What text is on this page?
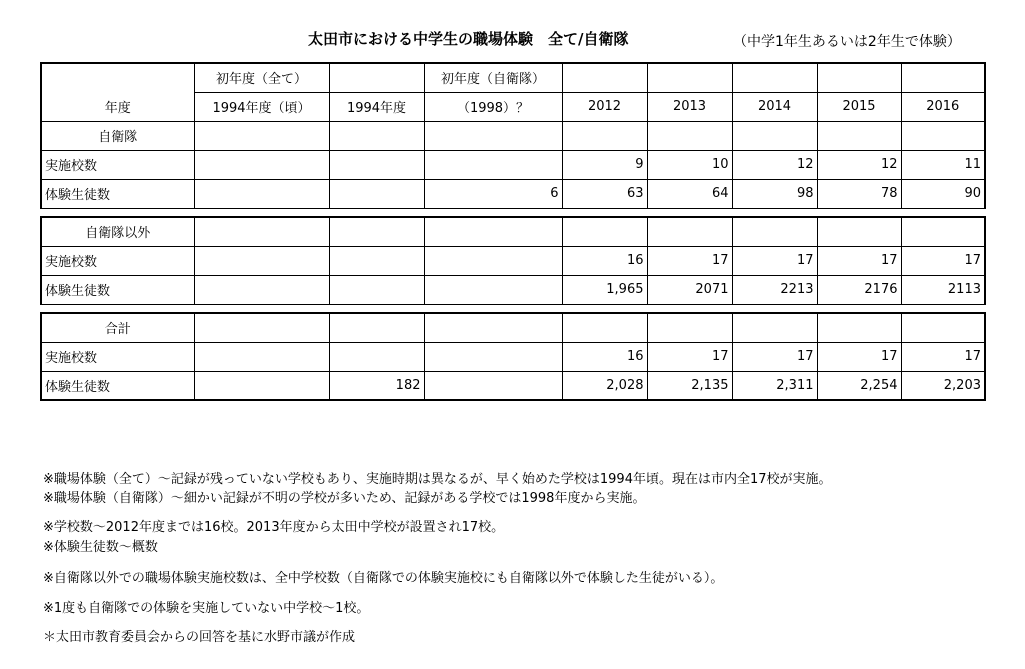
太田市における中学生の職場体験　全て/自衛隊	（中学1年生あるいは2年生で体験）
	初年度（全て）		初年度（自衛隊）					
年度	1994年度（頃）	1994年度	（1998）？	2012	2013	2014	2015	2016
自衛隊								
実施校数				9	10	12	12	11
体験生徒数			6	63	64	98	78	90

自衛隊以外								
実施校数				16	17	17	17	17
体験生徒数				1,965	2071	2213	2176	2113

合計								
実施校数				16	17	17	17	17
体験生徒数		182		2,028	2,135	2,311	2,254	2,203
※職場体験（全て）～記録が残っていない学校もあり、実施時期は異なるが、早く始めた学校は1994年頃。現在は市内全17校が実施。
※職場体験（自衛隊）～細かい記録が不明の学校が多いため、記録がある学校では1998年度から実施。
※学校数～2012年度までは16校。2013年度から太田中学校が設置され17校。
※体験生徒数～概数
※自衛隊以外での職場体験実施校数は、全中学校数（自衛隊での体験実施校にも自衛隊以外で体験した生徒がいる）。
※1度も自衛隊での体験を実施していない中学校～1校。
＊太田市教育委員会からの回答を基に水野市議が作成
